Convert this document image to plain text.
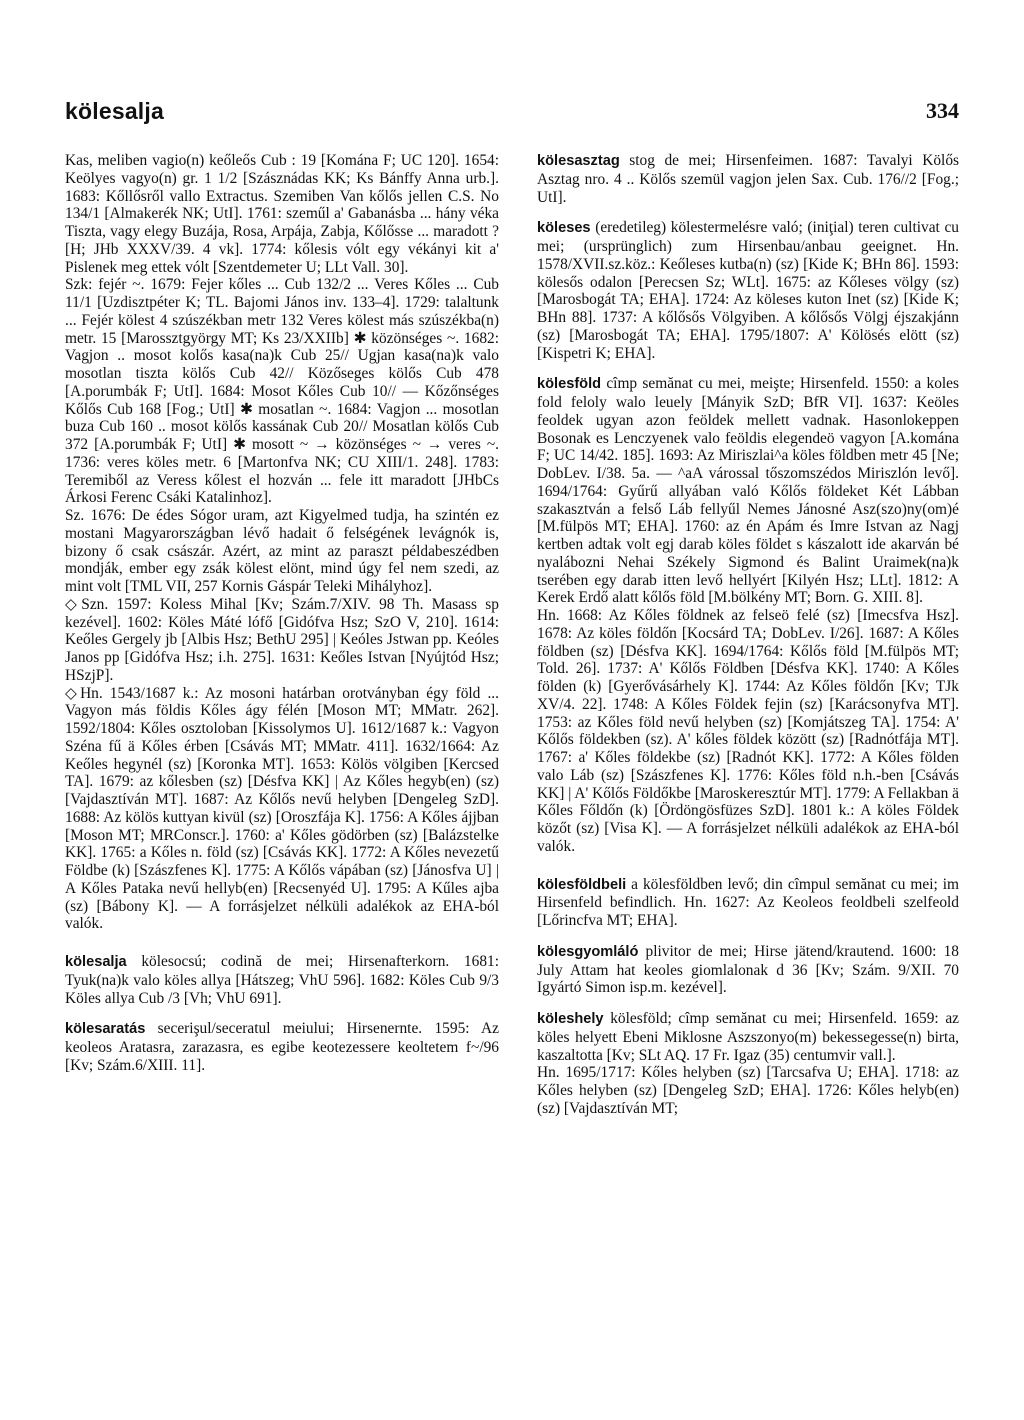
kölesalja	334

Kas, meliben vagio(n) keőleős Cub : 19 [Komána F; UC 120]. 1654: Keölyes vagyo(n) gr. 1 1/2 [Szásznádas KK; Ks Bánffy Anna urb.]. 1683: Kőllősről vallo Extractus. Szemiben Van kőlős jellen C.S. No 134/1 [Almakerék NK; UtI]. 1761: szeműl a' Gabanásba ... hány véka Tiszta, vagy elegy Buzája, Rosa, Arpája, Zabja, Kőlősse ... maradott ? [H; JHb XXXV/39. 4 vk]. 1774: kőlesis vólt egy vékányi kit a' Pislenek meg ettek vólt [Szentdemeter U; LLt Vall. 30].

Szk: fejér ~. 1679: Fejer kőles ... Cub 132/2 ... Veres Kőles ... Cub 11/1 [Uzdisztpéter K; TL. Bajomi János inv. 133–4]. 1729: talaltunk ... Fejér kölest 4 szúszékban metr 132 Veres kölest más szúszékba(n) metr. 15 [Marossztgyörgy MT; Ks 23/XXIIb] ✱ közönséges ~. 1682: Vagjon .. mosot kolős kasa(na)k Cub 25// Ugjan kasa(na)k valo mosotlan tiszta kölős Cub 42// Közőseges kölős Cub 478 [A.porumbák F; UtI]. 1684: Mosot Kőles Cub 10// — Kőzőnséges Kőlős Cub 168 [Fog.; UtI] ✱ mosatlan ~. 1684: Vagjon ... mosotlan buza Cub 160 .. mosot kölős kassának Cub 20// Mosatlan kölős Cub 372 [A.porumbák F; UtI] ✱ mosott ~ → közönséges ~ → veres ~. 1736: veres köles metr. 6 [Martonfva NK; CU XIII/1. 248]. 1783: Teremiből az Veress kőlest el hozván ... fele itt maradott [JHbCs Árkosi Ferenc Csáki Katalinhoz].

Sz. 1676: De édes Sógor uram, azt Kigyelmed tudja, ha szintén ez mostani Magyarországban lévő hadait ő felségének levágnók is, bizony ő csak császár. Azért, az mint az paraszt példabeszédben mondják, ember egy zsák kölest elönt, mind úgy fel nem szedi, az mint volt [TML VII, 257 Kornis Gáspár Teleki Mihályhoz].

◇Szn. 1597: Koless Mihal [Kv; Szám.7/XIV. 98 Th. Masass sp kezével]. 1602: Köles Máté lófő [Gidófva Hsz; SzO V, 210]. 1614: Keőles Gergely jb [Albis Hsz; BethU 295] | Keóles Jstwan pp. Keóles Janos pp [Gidófva Hsz; i.h. 275]. 1631: Keőles Istvan [Nyújtód Hsz; HSzjP].

◇Hn. 1543/1687 k.: Az mosoni határban orotványban égy föld ... Vagyon más földis Kőles ágy félén [Moson MT; MMatr. 262]. 1592/1804: Kőles osztoloban [Kissolymos U]. 1612/1687 k.: Vagyon Széna fű ä Kőles érben [Csávás MT; MMatr. 411]. 1632/1664: Az Keőles hegynél (sz) [Koronka MT]. 1653: Kölös völgiben [Kercsed TA]. 1679: az kőlesben (sz) [Désfva KK] | Az Kőles hegyb(en) (sz) [Vajdasztíván MT]. 1687: Az Kőlős nevű helyben [Dengeleg SzD]. 1688: Az kölös kuttyan kivül (sz) [Oroszfája K]. 1756: A Kőles ájjban [Moson MT; MRConscr.]. 1760: a' Kőles gödörben (sz) [Balázstelke KK]. 1765: a Kőles n. föld (sz) [Csávás KK]. 1772: A Kőles nevezetű Földbe (k) [Szászfenes K]. 1775: A Kőlős vápában (sz) [Jánosfva U] | A Kőles Pataka nevű hellyb(en) [Recsenyéd U]. 1795: A Kűles ajba (sz) [Bábony K]. — A forrásjelzet nélküli adalékok az EHA-ból valók.

kölesalja kölesocsú; codină de mei; Hirsenafterkorn. 1681: Tyuk(na)k valo köles allya [Hátszeg; VhU 596]. 1682: Köles Cub 9/3 Köles allya Cub /3 [Vh; VhU 691].

kölesaratás secerişul/seceratul meiului; Hirsenernte. 1595: Az keoleos Aratasra, zarazasra, es egibe keotezessere keoltetem f~/96 [Kv; Szám.6/XIII. 11].

kölesasztag stog de mei; Hirsenfeimen. 1687: Tavalyi Kölős Asztag nro. 4 .. Kölős szemül vagjon jelen Sax. Cub. 176//2 [Fog.; UtI].

köleses (eredetileg) kölestermelésre való; (iniţial) teren cultivat cu mei; (ursprünglich) zum Hirsenbau/anbau geeignet. Hn. 1578/XVII.sz.köz.: Keőleses kutba(n) (sz) [Kide K; BHn 86]. 1593: kölesős odalon [Perecsen Sz; WLt]. 1675: az Kőleses völgy (sz) [Marosbogát TA; EHA]. 1724: Az köleses kuton Inet (sz) [Kide K; BHn 88]. 1737: A kőlősős Völgyiben. A kőlősős Völgj éjszakjánn (sz) [Marosbogát TA; EHA]. 1795/1807: A' Kölösés elött (sz) [Kispetri K; EHA].

kölesföld cîmp semănat cu mei, meişte; Hirsenfeld. 1550: a koles fold feloly walo leuely [Mányik SzD; BfR VI]. 1637: Keöles feoldek ugyan azon feöldek mellett vadnak. Hasonlokeppen Bosonak es Lenczyenek valo feöldis elegendeö vagyon [A.komána F; UC 14/42. 185]. 1693: Az Miriszlai^a köles földben metr 45 [Ne; DobLev. I/38. 5a. — ^aA várossal tőszomszédos Miriszlón levő]. 1694/1764: Gyűrű allyában való Kőlős földeket Két Lábban szakasztván a felső Láb fellyűl Nemes Jánosné Asz(szo)ny(om)é [M.fülpös MT; EHA]. 1760: az én Apám és Imre Istvan az Nagj kertben adtak volt egj darab köles földet s kászalott ide akarván bé nyalábozni Nehai Székely Sigmond és Balint Uraimek(na)k tserében egy darab itten levő hellyért [Kilyén Hsz; LLt]. 1812: A Kerek Erdő alatt kőlős föld [M.bölkény MT; Born. G. XIII. 8].

Hn. 1668: Az Kőles földnek az felseö felé (sz) [Imecsfva Hsz]. 1678: Az köles földőn [Kocsárd TA; DobLev. I/26]. 1687: A Kőles földben (sz) [Désfva KK]. 1694/1764: Kőlős föld [M.fülpös MT; Told. 26]. 1737: A' Kőlős Földben [Désfva KK]. 1740: A Kőles földen (k) [Gyerővásárhely K]. 1744: Az Kőles földőn [Kv; TJk XV/4. 22]. 1748: A Kőles Földek fejin (sz) [Karácsonyfva MT]. 1753: az Kőles föld nevű helyben (sz) [Komjátszeg TA]. 1754: A' Kőlős földekben (sz). A' kőles földek között (sz) [Radnótfája MT]. 1767: a' Kőles földekbe (sz) [Radnót KK]. 1772: A Kőles földen valo Láb (sz) [Szászfenes K]. 1776: Kőles föld n.h.-ben [Csávás KK] | A' Kőlős Földőkbe [Maroskeresztúr MT]. 1779: A Fellakban ä Kőles Főldőn (k) [Ördöngösfüzes SzD]. 1801 k.: A köles Földek közőt (sz) [Visa K]. — A forrásjelzet nélküli adalékok az EHA-ból valók.

kölesföldbeli a kölesföldben levő; din cîmpul semănat cu mei; im Hirsenfeld befindlich. Hn. 1627: Az Keoleos feoldbeli szelfeold [Lőrincfva MT; EHA].

kölesgyomláló plivitor de mei; Hirse jätend/krautend. 1600: 18 July Attam hat keoles giomlalonak d 36 [Kv; Szám. 9/XII. 70 Igyártó Simon isp.m. kezével].

köleshely kölesföld; cîmp semănat cu mei; Hirsenfeld. 1659: az köles helyett Ebeni Miklosne Aszszonyo(m) bekessegesse(n) birta, kaszaltotta [Kv; SLt AQ. 17 Fr. Igaz (35) centumvir vall.].

Hn. 1695/1717: Kőles helyben (sz) [Tarcsafva U; EHA]. 1718: az Kőles helyben (sz) [Dengeleg SzD; EHA]. 1726: Kőles helyb(en) (sz) [Vajdasztíván MT;
